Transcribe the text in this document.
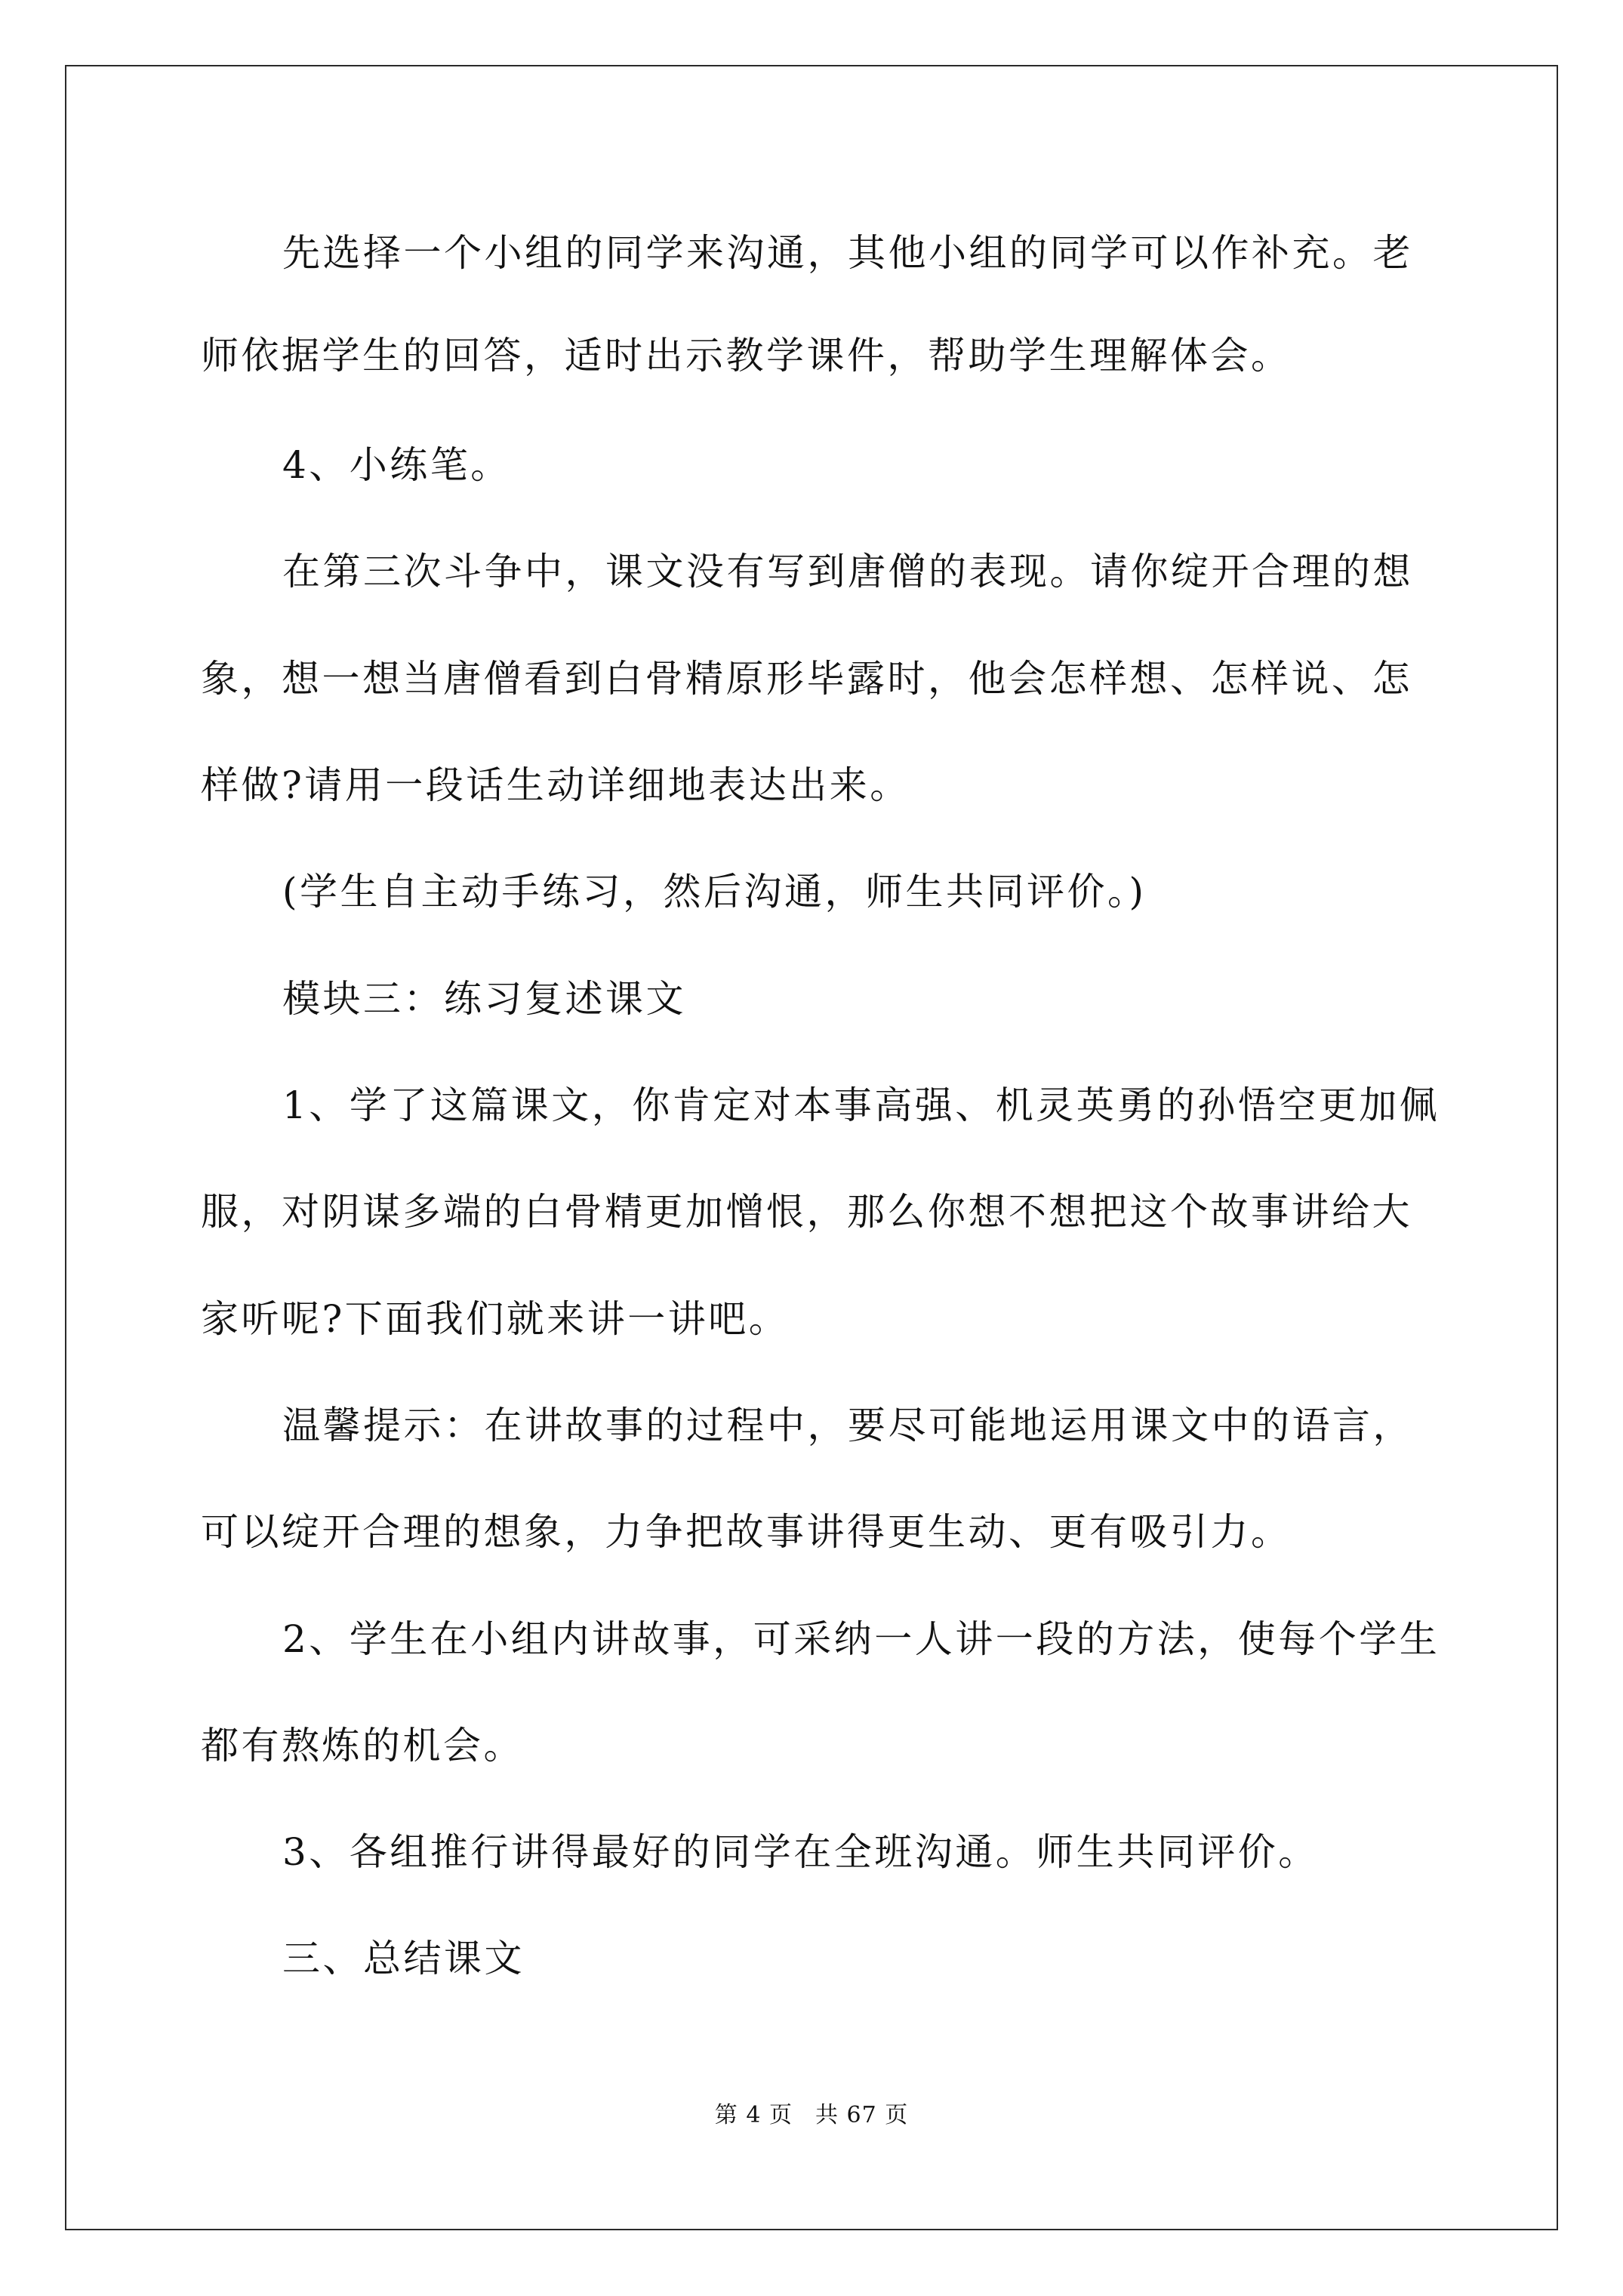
先选择一个小组的同学来沟通，其他小组的同学可以作补充。老
师依据学生的回答，适时出示教学课件，帮助学生理解体会。
4、小练笔。
在第三次斗争中，课文没有写到唐僧的表现。请你绽开合理的想
象，想一想当唐僧看到白骨精原形毕露时，他会怎样想、怎样说、怎
样做?请用一段话生动详细地表达出来。
(学生自主动手练习，然后沟通，师生共同评价。)
模块三：练习复述课文
1、学了这篇课文，你肯定对本事高强、机灵英勇的孙悟空更加佩
服，对阴谋多端的白骨精更加憎恨，那么你想不想把这个故事讲给大
家听呢?下面我们就来讲一讲吧。
温馨提示：在讲故事的过程中，要尽可能地运用课文中的语言，
可以绽开合理的想象，力争把故事讲得更生动、更有吸引力。
2、学生在小组内讲故事，可采纳一人讲一段的方法，使每个学生
都有熬炼的机会。
3、各组推行讲得最好的同学在全班沟通。师生共同评价。
三、总结课文
第 4 页 共 67 页
